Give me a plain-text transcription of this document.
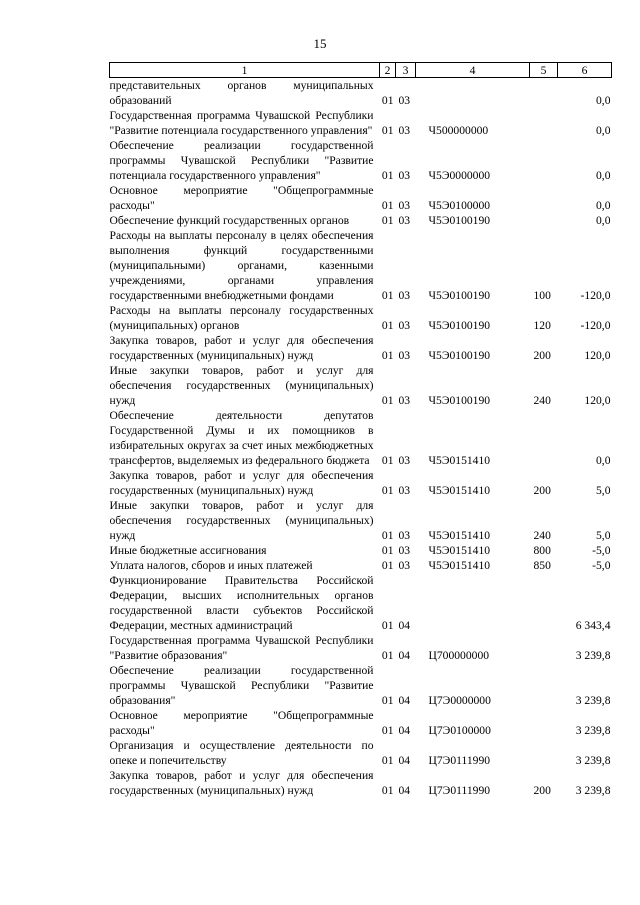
15
1	2	3	4	5	6
представительных органов муниципальных образований	01	03			0,0
Государственная программа Чувашской Республики "Развитие потенциала государственного управления"	01	03	Ч500000000		0,0
Обеспечение реализации государственной программы Чувашской Республики "Развитие потенциала государственного управления"	01	03	Ч5Э0000000		0,0
Основное мероприятие "Общепрограммные расходы"	01	03	Ч5Э0100000		0,0
Обеспечение функций государственных органов	01	03	Ч5Э0100190		0,0
Расходы на выплаты персоналу в целях обеспечения выполнения функций государственными (муниципальными) органами, казенными учреждениями, органами управления государственными внебюджетными фондами	01	03	Ч5Э0100190	100	-120,0
Расходы на выплаты персоналу государственных (муниципальных) органов	01	03	Ч5Э0100190	120	-120,0
Закупка товаров, работ и услуг для обеспечения государственных (муниципальных) нужд	01	03	Ч5Э0100190	200	120,0
Иные закупки товаров, работ и услуг для обеспечения государственных (муниципальных) нужд	01	03	Ч5Э0100190	240	120,0
Обеспечение деятельности депутатов Государственной Думы и их помощников в избирательных округах за счет иных межбюджетных трансфертов, выделяемых из федерального бюджета	01	03	Ч5Э0151410		0,0
Закупка товаров, работ и услуг для обеспечения государственных (муниципальных) нужд	01	03	Ч5Э0151410	200	5,0
Иные закупки товаров, работ и услуг для обеспечения государственных (муниципальных) нужд	01	03	Ч5Э0151410	240	5,0
Иные бюджетные ассигнования	01	03	Ч5Э0151410	800	-5,0
Уплата налогов, сборов и иных платежей	01	03	Ч5Э0151410	850	-5,0
Функционирование Правительства Российской Федерации, высших исполнительных органов государственной власти субъектов Российской Федерации, местных администраций	01	04			6 343,4
Государственная программа Чувашской Республики "Развитие образования"	01	04	Ц700000000		3 239,8
Обеспечение реализации государственной программы Чувашской Республики "Развитие образования"	01	04	Ц7Э0000000		3 239,8
Основное мероприятие "Общепрограммные расходы"	01	04	Ц7Э0100000		3 239,8
Организация и осуществление деятельности по опеке и попечительству	01	04	Ц7Э0111990		3 239,8
Закупка товаров, работ и услуг для обеспечения государственных (муниципальных) нужд	01	04	Ц7Э0111990	200	3 239,8
